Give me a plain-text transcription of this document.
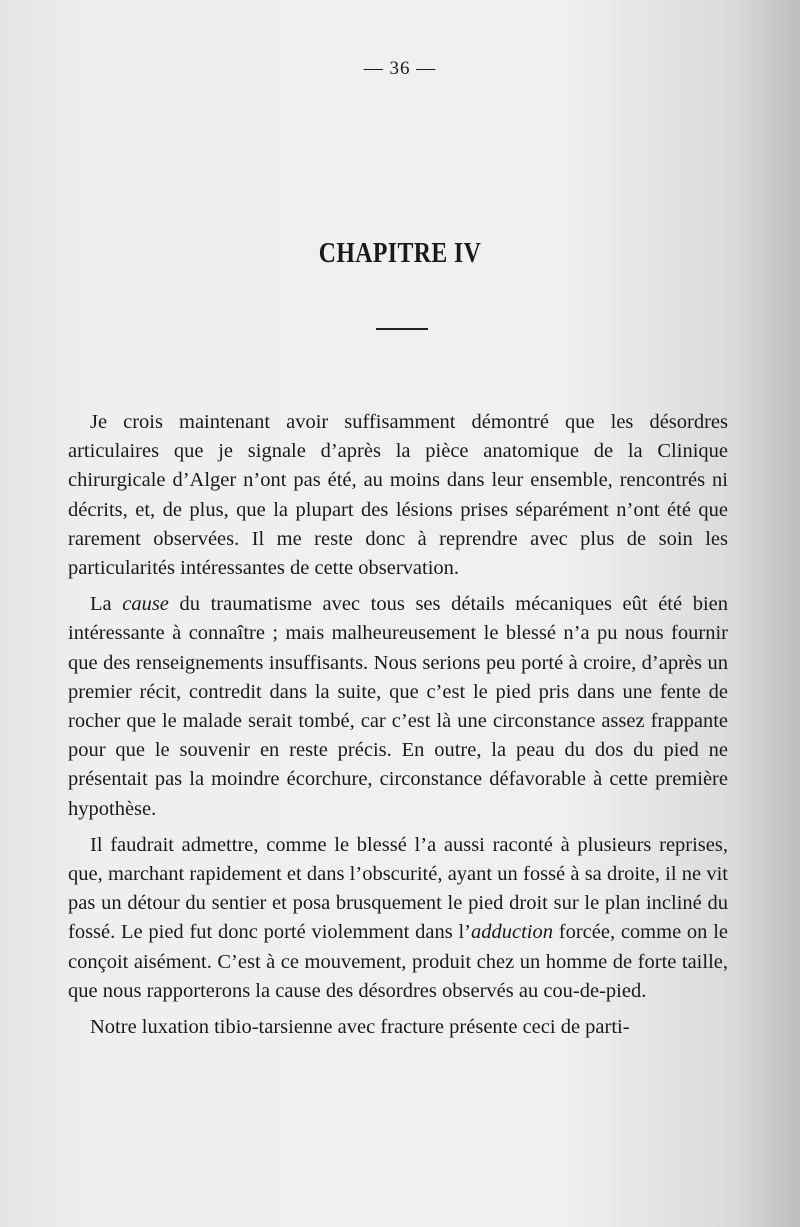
— 36 —
CHAPITRE IV

Je crois maintenant avoir suffisamment démontré que les désordres articulaires que je signale d’après la pièce anatomique de la Clinique chirurgicale d’Alger n’ont pas été, au moins dans leur ensemble, rencontrés ni décrits, et, de plus, que la plupart des lésions prises séparément n’ont été que rarement observées. Il me reste donc à reprendre avec plus de soin les particularités intéressantes de cette observation.

La cause du traumatisme avec tous ses détails mécaniques eût été bien intéressante à connaître ; mais malheureusement le blessé n’a pu nous fournir que des renseignements insuffisants. Nous serions peu porté à croire, d’après un premier récit, contredit dans la suite, que c’est le pied pris dans une fente de rocher que le malade serait tombé, car c’est là une circonstance assez frappante pour que le souvenir en reste précis. En outre, la peau du dos du pied ne présentait pas la moindre écorchure, circonstance défavorable à cette première hypothèse.

Il faudrait admettre, comme le blessé l’a aussi raconté à plusieurs reprises, que, marchant rapidement et dans l’obscurité, ayant un fossé à sa droite, il ne vit pas un détour du sentier et posa brusquement le pied droit sur le plan incliné du fossé. Le pied fut donc porté violemment dans l’adduction forcée, comme on le conçoit aisément. C’est à ce mouvement, produit chez un homme de forte taille, que nous rapporterons la cause des désordres observés au cou-de-pied.

Notre luxation tibio-tarsienne avec fracture présente ceci de parti-
